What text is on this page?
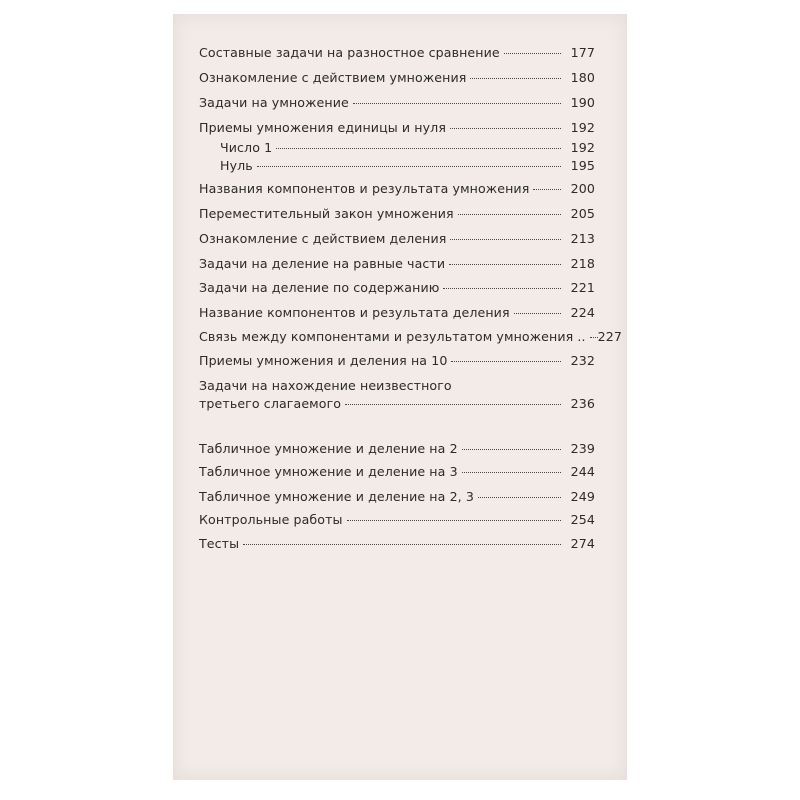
Составные задачи на разностное сравнение	177
Ознакомление с действием умножения	180
Задачи на умножение	190
Приемы умножения единицы и нуля	192
Число 1	192
Нуль	195
Названия компонентов и результата умножения	200
Переместительный закон умножения	205
Ознакомление с действием деления	213
Задачи на деление на равные части	218
Задачи на деление по содержанию	221
Название компонентов и результата деления	224
Связь между компонентами и результатом умножения .. 227
Приемы умножения и деления на 10	232
Задачи на нахождение неизвестного
третьего слагаемого	236
Табличное умножение и деление на 2	239
Табличное умножение и деление на 3	244
Табличное умножение и деление на 2, 3	249
Контрольные работы	254
Тесты	274
